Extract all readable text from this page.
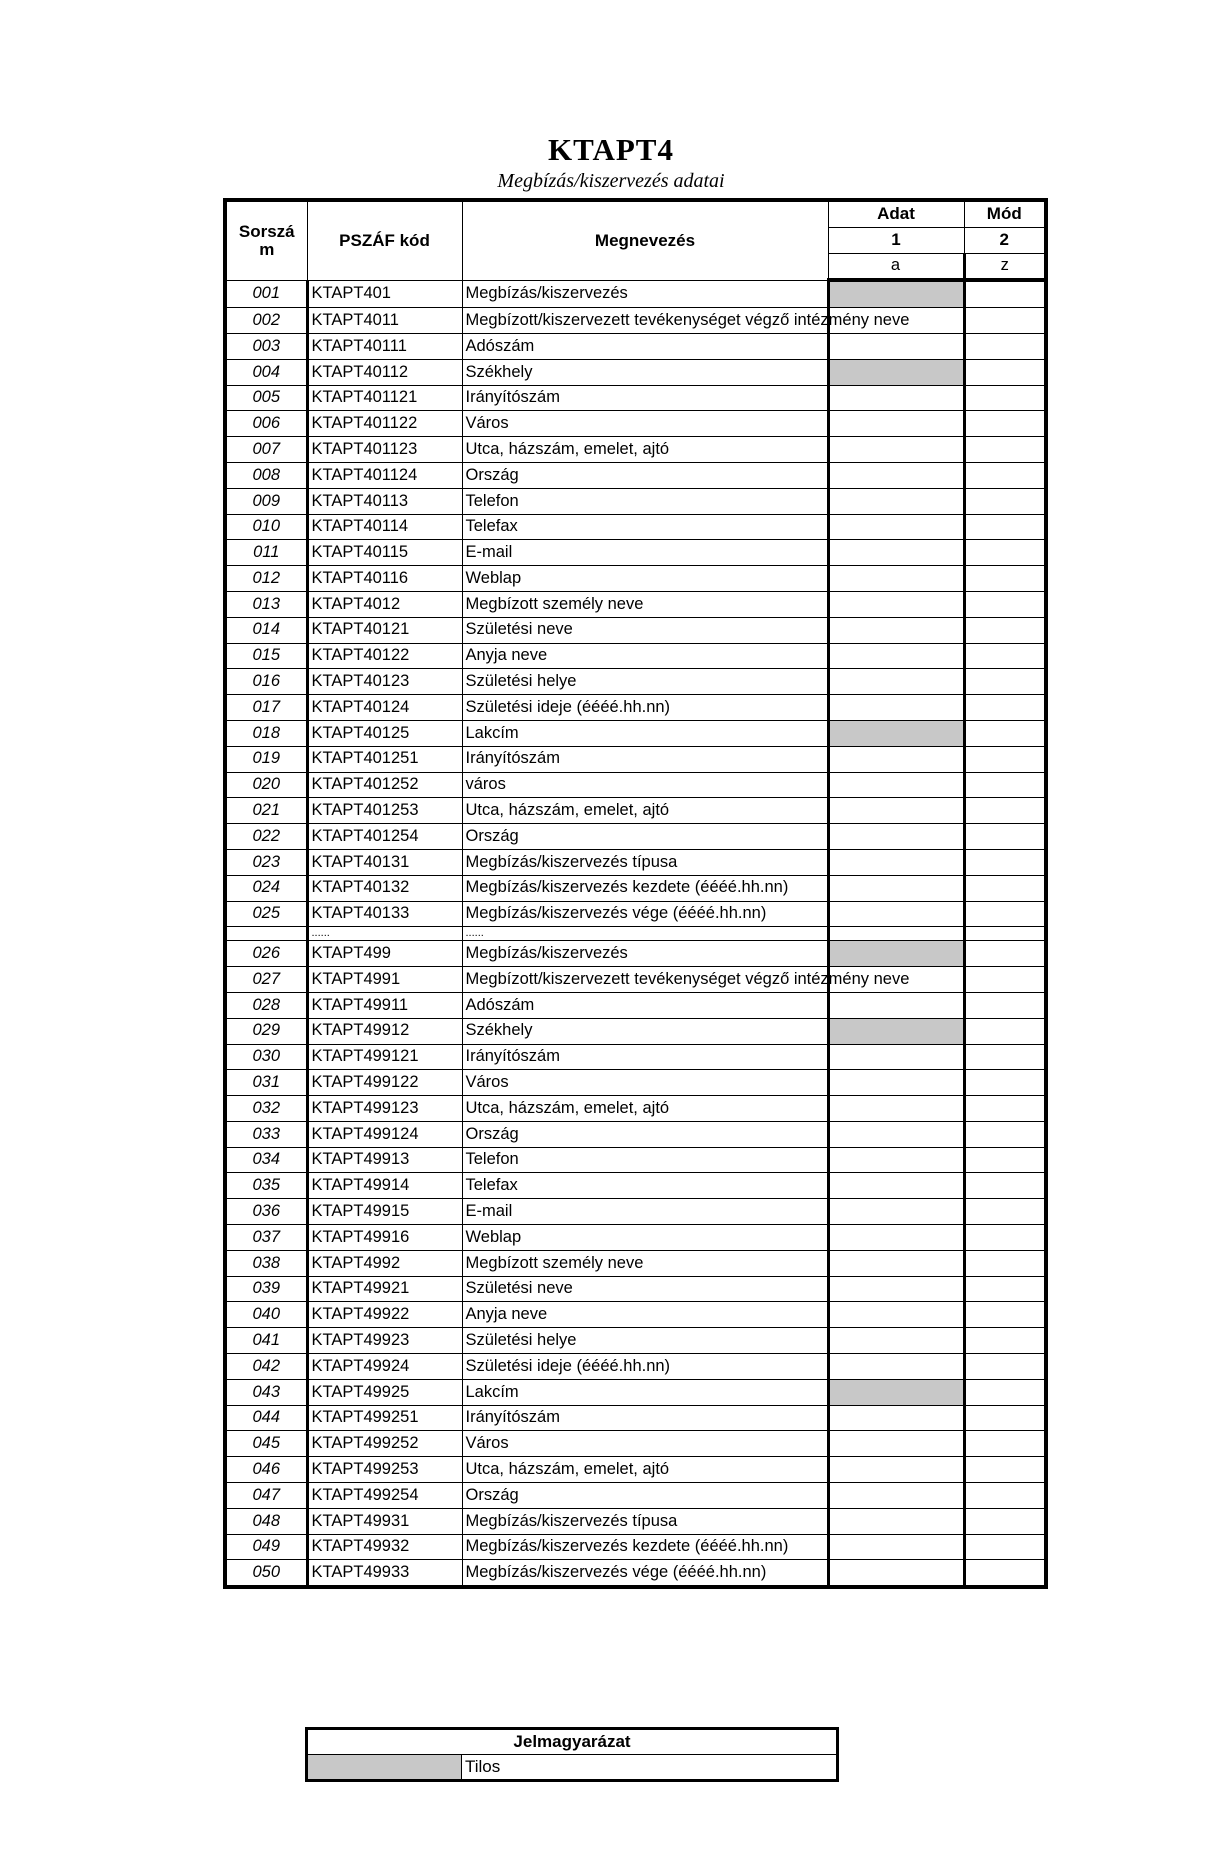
KTAPT4
Megbízás/kiszervezés adatai
Sorszá m	PSZÁF kód	Megnevezés	Adat	Mód
			1	2
			a	z
001	KTAPT401	Megbízás/kiszervezés		
002	KTAPT4011	Megbízott/kiszervezett tevékenységet végző intézmény neve		
003	KTAPT40111	Adószám		
004	KTAPT40112	Székhely		
005	KTAPT401121	Irányítószám		
006	KTAPT401122	Város		
007	KTAPT401123	Utca, házszám, emelet, ajtó		
008	KTAPT401124	Ország		
009	KTAPT40113	Telefon		
010	KTAPT40114	Telefax		
011	KTAPT40115	E-mail		
012	KTAPT40116	Weblap		
013	KTAPT4012	Megbízott személy neve		
014	KTAPT40121	Születési neve		
015	KTAPT40122	Anyja neve		
016	KTAPT40123	Születési helye		
017	KTAPT40124	Születési ideje (éééé.hh.nn)		
018	KTAPT40125	Lakcím		
019	KTAPT401251	Irányítószám		
020	KTAPT401252	város		
021	KTAPT401253	Utca, házszám, emelet, ajtó		
022	KTAPT401254	Ország		
023	KTAPT40131	Megbízás/kiszervezés típusa		
024	KTAPT40132	Megbízás/kiszervezés kezdete (éééé.hh.nn)		
025	KTAPT40133	Megbízás/kiszervezés vége (éééé.hh.nn)		
	......	......		
026	KTAPT499	Megbízás/kiszervezés		
027	KTAPT4991	Megbízott/kiszervezett tevékenységet végző intézmény neve		
028	KTAPT49911	Adószám		
029	KTAPT49912	Székhely		
030	KTAPT499121	Irányítószám		
031	KTAPT499122	Város		
032	KTAPT499123	Utca, házszám, emelet, ajtó		
033	KTAPT499124	Ország		
034	KTAPT49913	Telefon		
035	KTAPT49914	Telefax		
036	KTAPT49915	E-mail		
037	KTAPT49916	Weblap		
038	KTAPT4992	Megbízott személy neve		
039	KTAPT49921	Születési neve		
040	KTAPT49922	Anyja neve		
041	KTAPT49923	Születési helye		
042	KTAPT49924	Születési ideje (éééé.hh.nn)		
043	KTAPT49925	Lakcím		
044	KTAPT499251	Irányítószám		
045	KTAPT499252	Város		
046	KTAPT499253	Utca, házszám, emelet, ajtó		
047	KTAPT499254	Ország		
048	KTAPT49931	Megbízás/kiszervezés típusa		
049	KTAPT49932	Megbízás/kiszervezés kezdete (éééé.hh.nn)		
050	KTAPT49933	Megbízás/kiszervezés vége (éééé.hh.nn)		
Jelmagyarázat
	Tilos
